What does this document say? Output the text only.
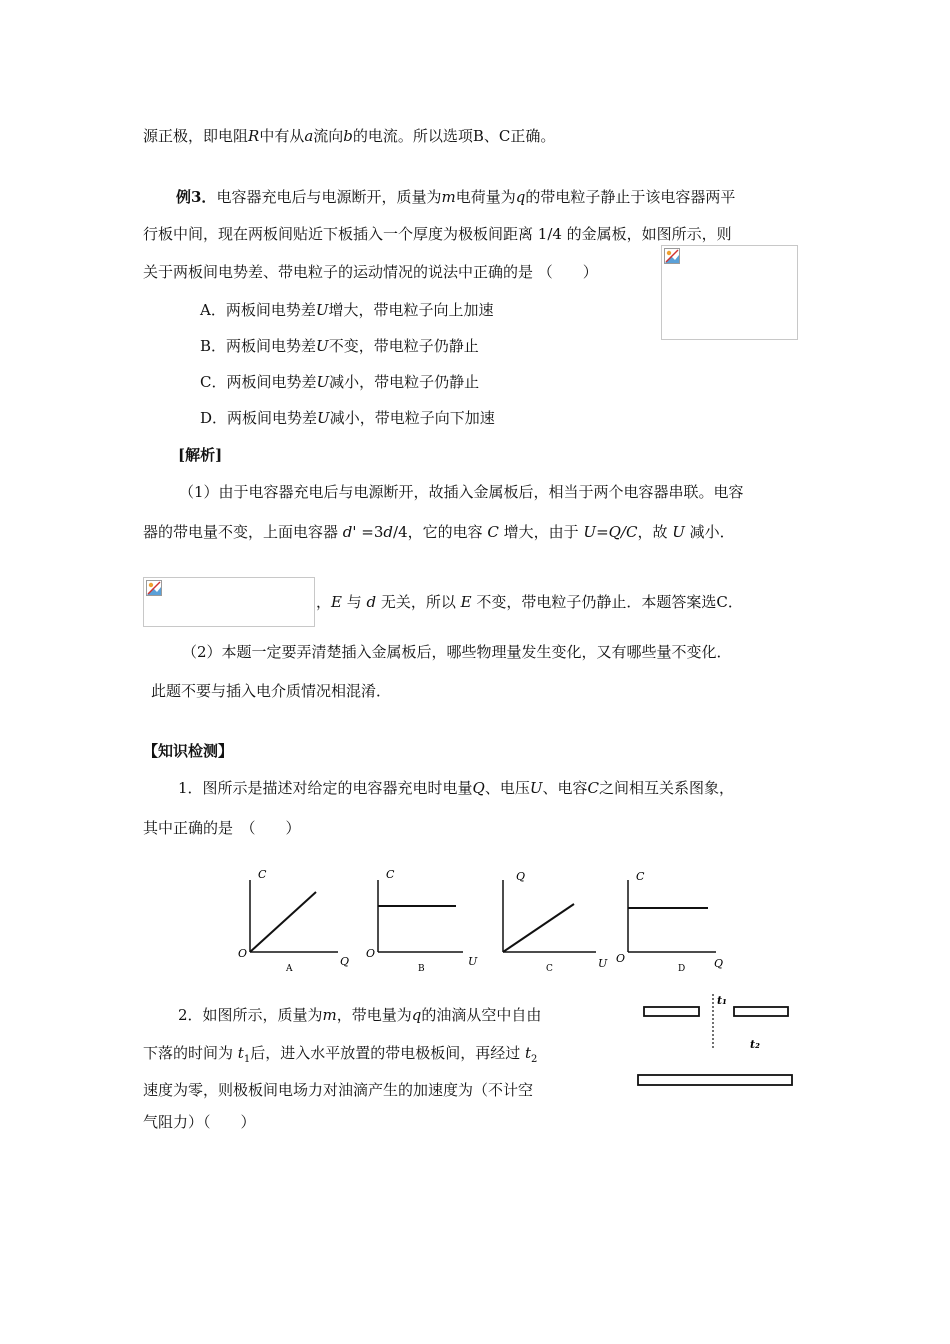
源正极，即电阻R中有从a流向b的电流。所以选项B、C正确。
例3．电容器充电后与电源断开，质量为m电荷量为q的带电粒子静止于该电容器两平
行板中间，现在两板间贴近下板插入一个厚度为极板间距离 1/4 的金属板，如图所示，则
关于两板间电势差、带电粒子的运动情况的说法中正确的是 （　　）
A．两板间电势差U增大，带电粒子向上加速
B．两板间电势差U不变，带电粒子仍静止
C．两板间电势差U减小，带电粒子仍静止
D．两板间电势差U减小，带电粒子向下加速
[解析]
（1）由于电容器充电后与电源断开，故插入金属板后，相当于两个电容器串联。电容
器的带电量不变，上面电容器 d' =3d/4，它的电容 C 增大，由于 U=Q/C，故 U 减小．
，E 与 d 无关，所以 E 不变，带电粒子仍静止．本题答案选C．
（2）本题一定要弄清楚插入金属板后，哪些物理量发生变化，又有哪些量不变化．
此题不要与插入电介质情况相混淆．
【知识检测】
1．图所示是描述对给定的电容器充电时电量Q、电压U、电容C之间相互关系图象，
其中正确的是　（　　）
C
O
Q
A
C
O
U
B
Q
U
C
C
O	Q
D
2．如图所示，质量为m，带电量为q的油滴从空中自由
下落的时间为 $t_1$后，进入水平放置的带电极板间，再经过 $t_2$
速度为零，则极板间电场力对油滴产生的加速度为（不计空
气阻力）（　　）
t₁
t₂
